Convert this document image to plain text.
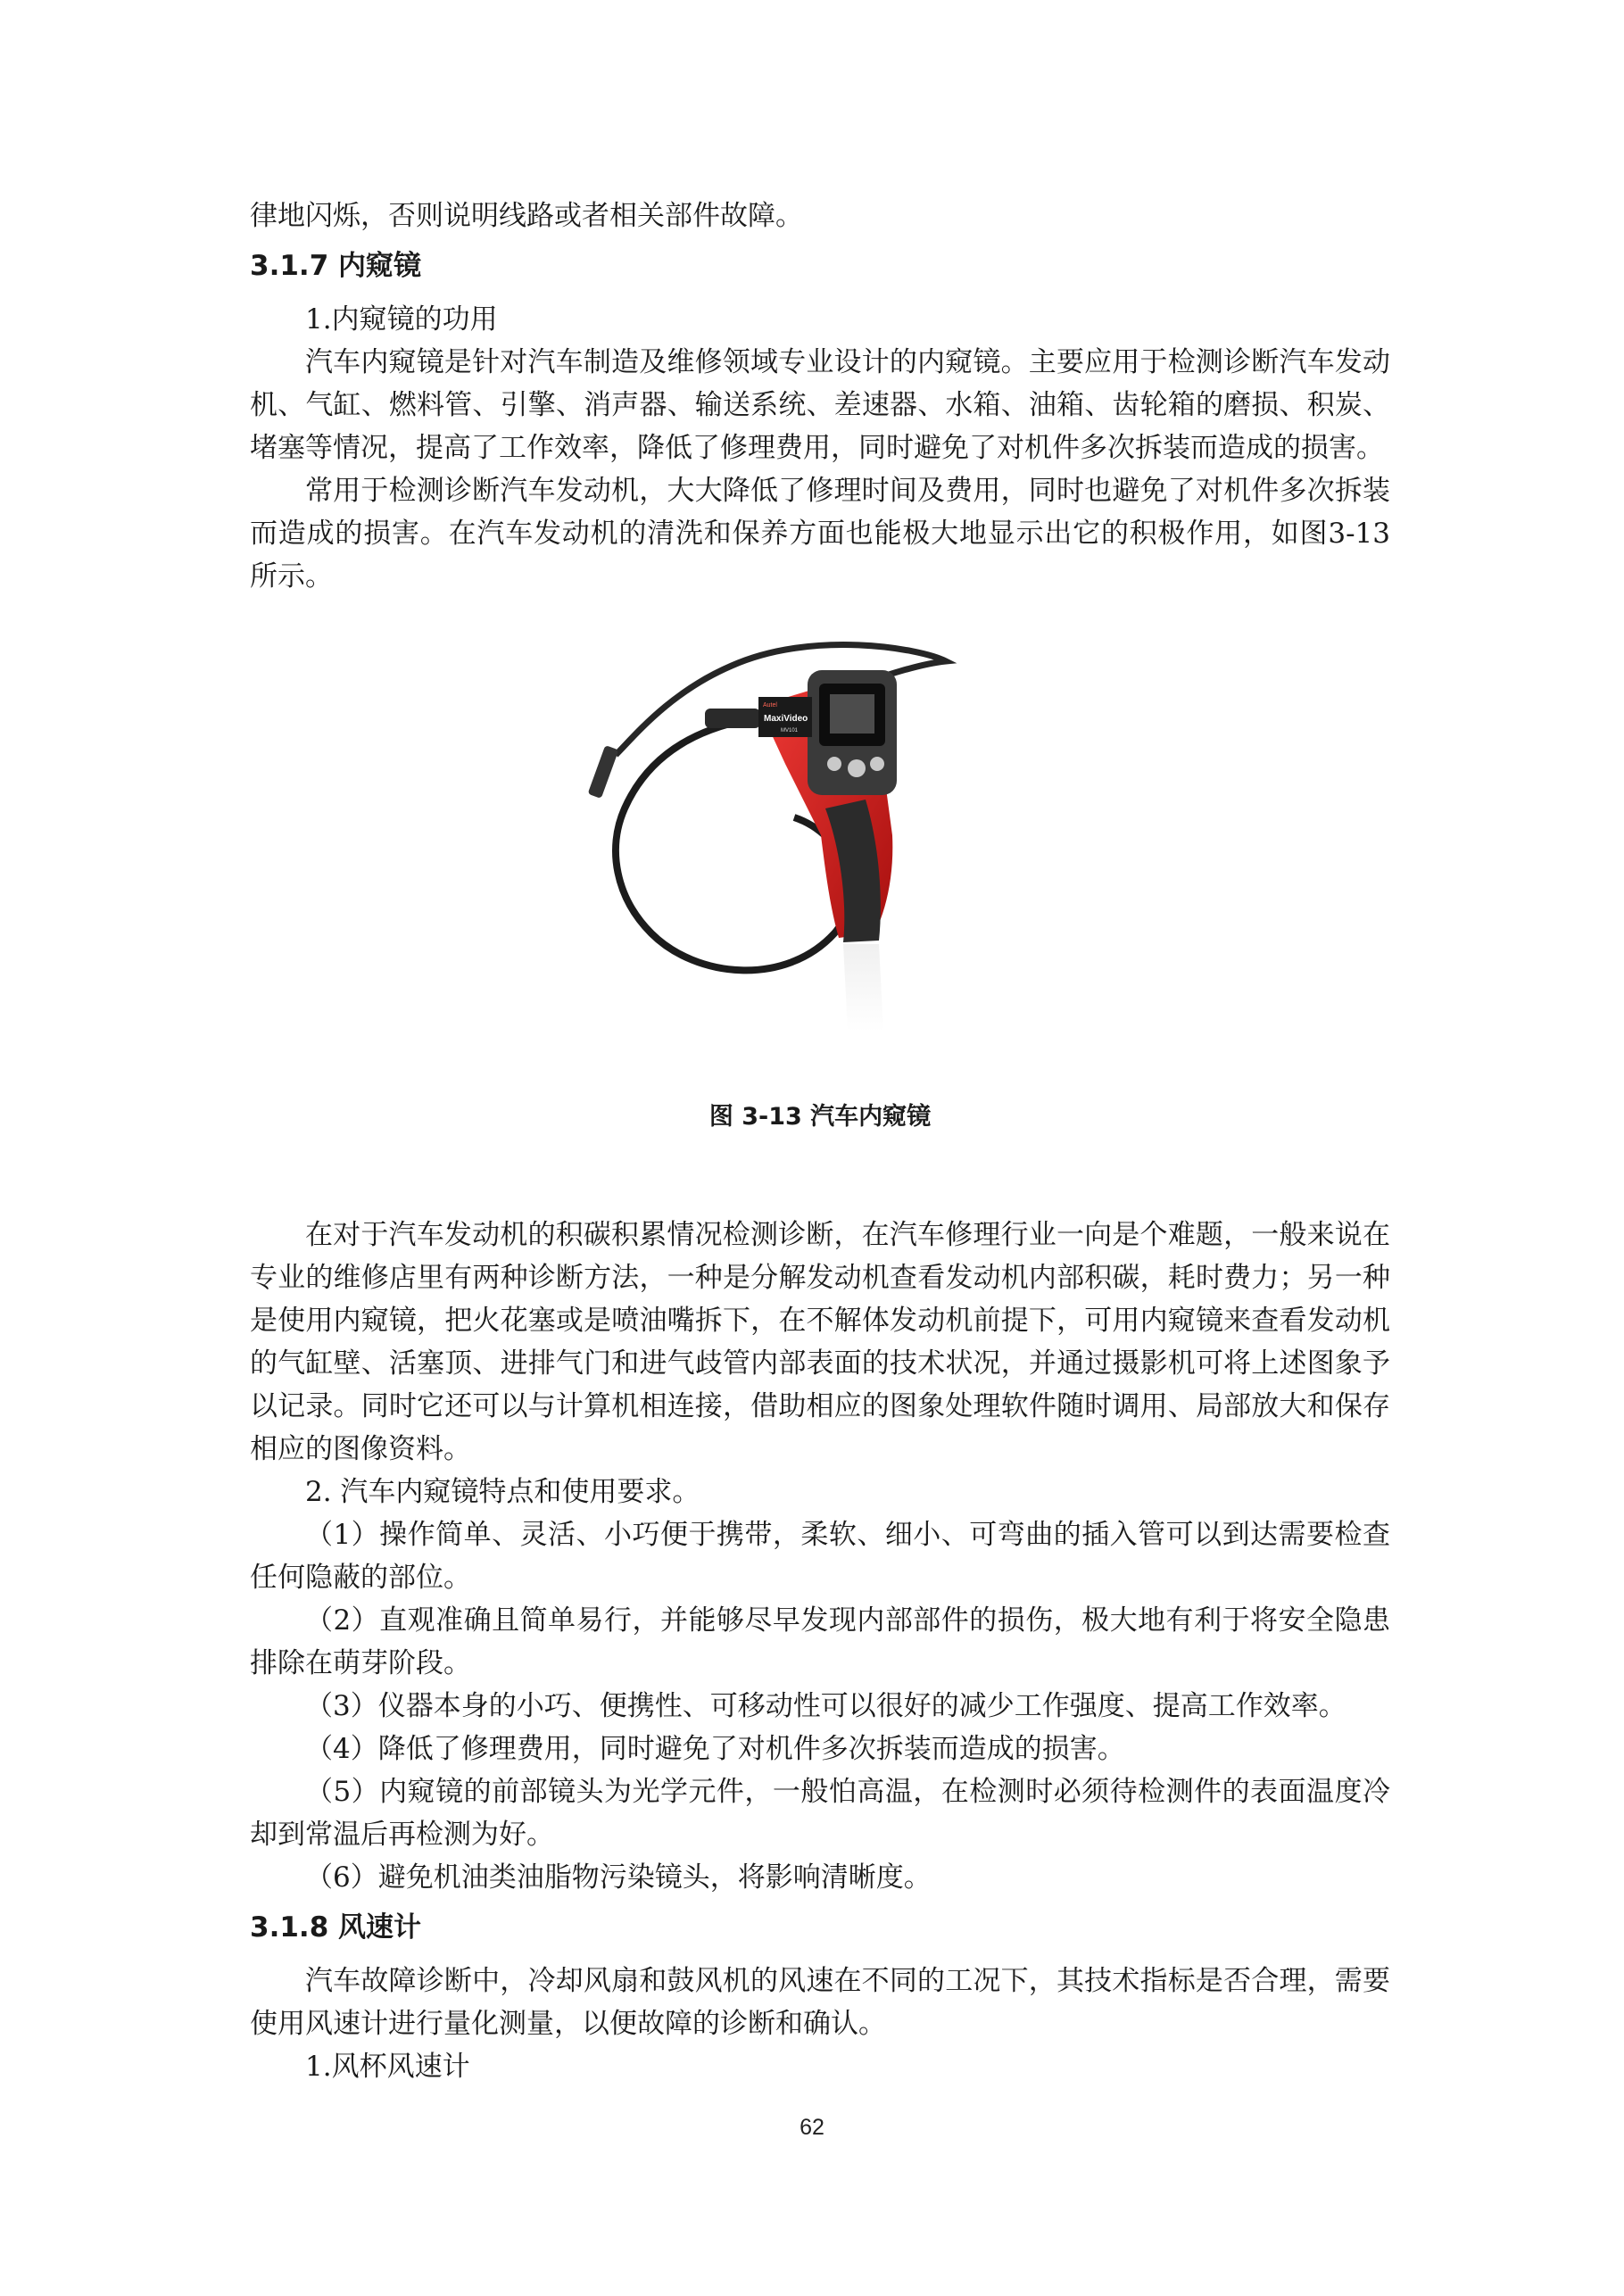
律地闪烁，否则说明线路或者相关部件故障。

3.1.7 内窥镜

1.内窥镜的功用

汽车内窥镜是针对汽车制造及维修领域专业设计的内窥镜。主要应用于检测诊断汽车发动机、气缸、燃料管、引擎、消声器、输送系统、差速器、水箱、油箱、齿轮箱的磨损、积炭、堵塞等情况，提高了工作效率，降低了修理费用，同时避免了对机件多次拆装而造成的损害。

常用于检测诊断汽车发动机，大大降低了修理时间及费用，同时也避免了对机件多次拆装而造成的损害。在汽车发动机的清洗和保养方面也能极大地显示出它的积极作用，如图3-13 所示。

Autel
MaxiVideo
MV101

图 3-13 汽车内窥镜

在对于汽车发动机的积碳积累情况检测诊断，在汽车修理行业一向是个难题，一般来说在专业的维修店里有两种诊断方法，一种是分解发动机查看发动机内部积碳，耗时费力；另一种是使用内窥镜，把火花塞或是喷油嘴拆下，在不解体发动机前提下，可用内窥镜来查看发动机的气缸壁、活塞顶、进排气门和进气歧管内部表面的技术状况，并通过摄影机可将上述图象予以记录。同时它还可以与计算机相连接，借助相应的图象处理软件随时调用、局部放大和保存相应的图像资料。

2. 汽车内窥镜特点和使用要求。

（1）操作简单、灵活、小巧便于携带，柔软、细小、可弯曲的插入管可以到达需要检查任何隐蔽的部位。

（2）直观准确且简单易行，并能够尽早发现内部部件的损伤，极大地有利于将安全隐患排除在萌芽阶段。

（3）仪器本身的小巧、便携性、可移动性可以很好的减少工作强度、提高工作效率。

（4）降低了修理费用，同时避免了对机件多次拆装而造成的损害。

（5）内窥镜的前部镜头为光学元件，一般怕高温，在检测时必须待检测件的表面温度冷却到常温后再检测为好。

（6）避免机油类油脂物污染镜头，将影响清晰度。

3.1.8 风速计

汽车故障诊断中，冷却风扇和鼓风机的风速在不同的工况下，其技术指标是否合理，需要使用风速计进行量化测量，以便故障的诊断和确认。

1.风杯风速计

62
